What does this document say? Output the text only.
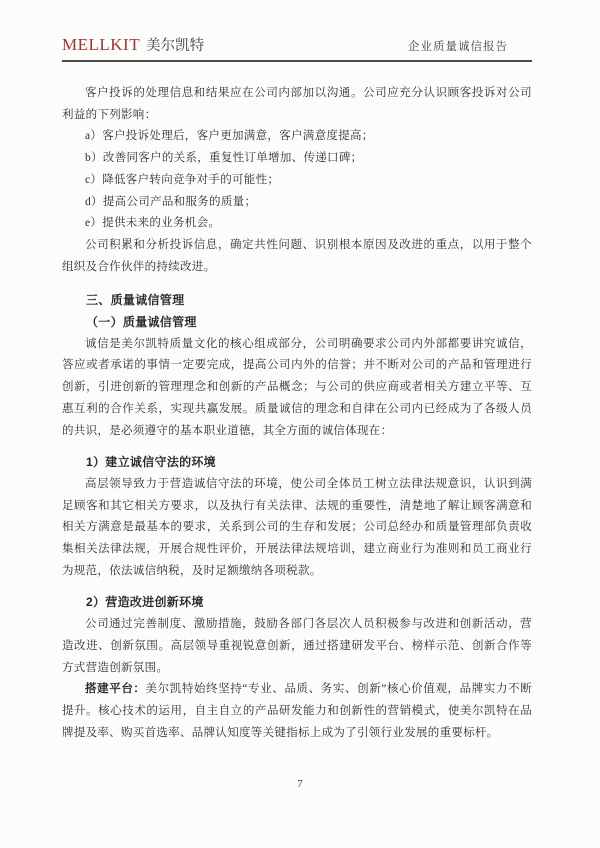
MELLKIT 美尔凯特	企业质量诚信报告

客户投诉的处理信息和结果应在公司内部加以沟通。公司应充分认识顾客投诉对公司利益的下列影响：

a）客户投诉处理后，客户更加满意，客户满意度提高；

b）改善同客户的关系，重复性订单增加、传递口碑；

c）降低客户转向竞争对手的可能性；

d）提高公司产品和服务的质量；

e）提供未来的业务机会。

公司积累和分析投诉信息，确定共性问题、识别根本原因及改进的重点，以用于整个组织及合作伙伴的持续改进。

三、质量诚信管理

（一）质量诚信管理

诚信是美尔凯特质量文化的核心组成部分，公司明确要求公司内外部都要讲究诚信，答应或者承诺的事情一定要完成，提高公司内外的信誉；并不断对公司的产品和管理进行创新，引进创新的管理理念和创新的产品概念；与公司的供应商或者相关方建立平等、互惠互利的合作关系，实现共赢发展。质量诚信的理念和自律在公司内已经成为了各级人员的共识，是必须遵守的基本职业道德，其全方面的诚信体现在：

1）建立诚信守法的环境

高层领导致力于营造诚信守法的环境，使公司全体员工树立法律法规意识，认识到满足顾客和其它相关方要求，以及执行有关法律、法规的重要性，清楚地了解让顾客满意和相关方满意是最基本的要求，关系到公司的生存和发展；公司总经办和质量管理部负责收集相关法律法规，开展合规性评价，开展法律法规培训，建立商业行为准则和员工商业行为规范，依法诚信纳税，及时足额缴纳各项税款。

2）营造改进创新环境

公司通过完善制度、激励措施，鼓励各部门各层次人员积极参与改进和创新活动，营造改进、创新氛围。高层领导重视锐意创新，通过搭建研发平台、榜样示范、创新合作等方式营造创新氛围。

搭建平台：美尔凯特始终坚持“专业、品质、务实、创新”核心价值观，品牌实力不断提升。核心技术的运用，自主自立的产品研发能力和创新性的营销模式，使美尔凯特在品牌提及率、购买首选率、品牌认知度等关键指标上成为了引领行业发展的重要标杆。

7
